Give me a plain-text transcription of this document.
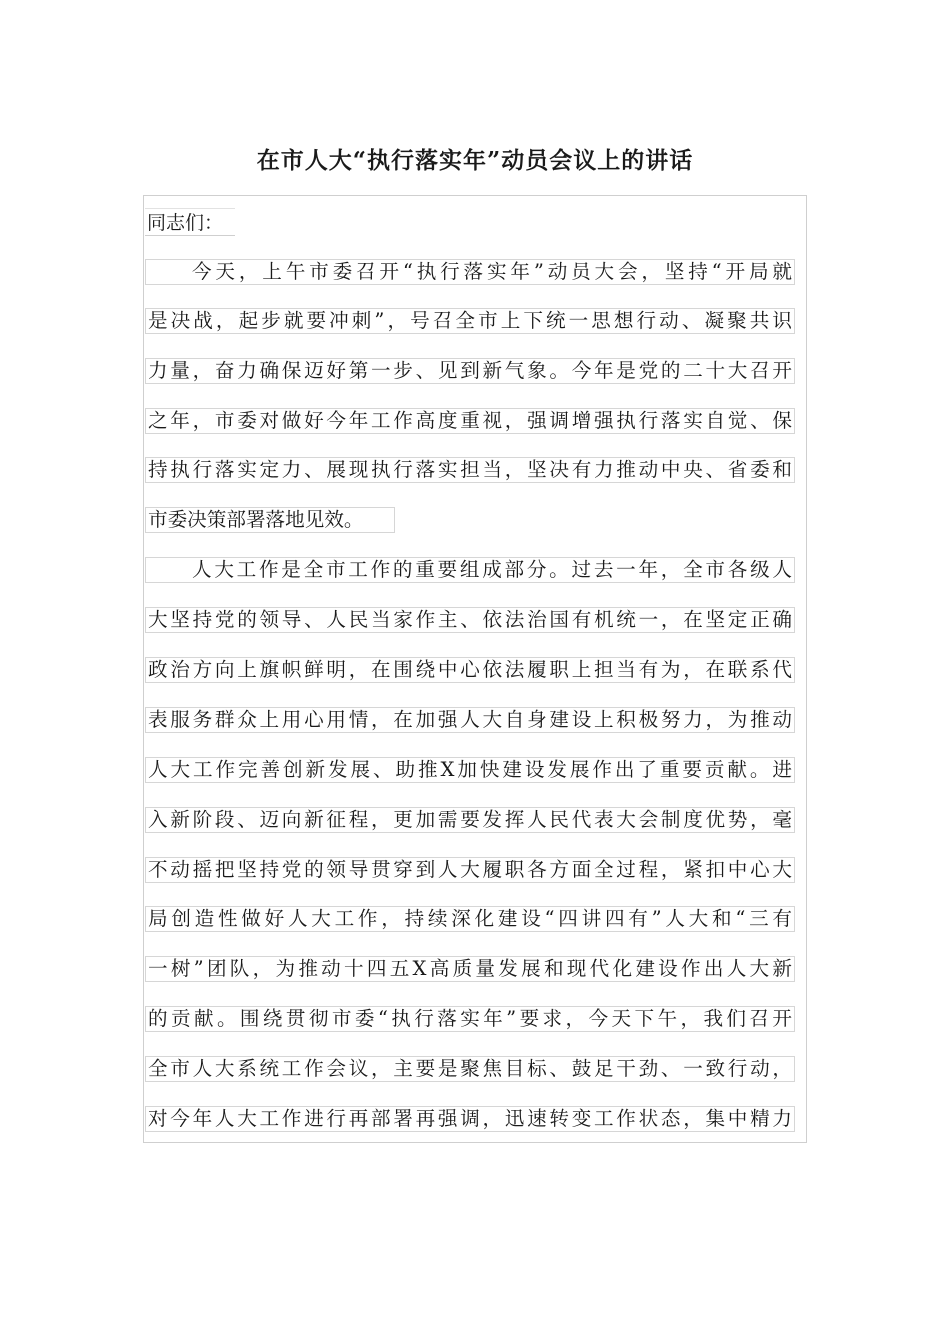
在市人大“执行落实年”动员会议上的讲话
同志们：
今天，上午市委召开“执行落实年”动员大会，坚持“开局就
是决战，起步就要冲刺”，号召全市上下统一思想行动、凝聚共识
力量，奋力确保迈好第一步、见到新气象。今年是党的二十大召开
之年，市委对做好今年工作高度重视，强调增强执行落实自觉、保
持执行落实定力、展现执行落实担当，坚决有力推动中央、省委和
市委决策部署落地见效。
人大工作是全市工作的重要组成部分。过去一年，全市各级人
大坚持党的领导、人民当家作主、依法治国有机统一，在坚定正确
政治方向上旗帜鲜明，在围绕中心依法履职上担当有为，在联系代
表服务群众上用心用情，在加强人大自身建设上积极努力，为推动
人大工作完善创新发展、助推X加快建设发展作出了重要贡献。进
入新阶段、迈向新征程，更加需要发挥人民代表大会制度优势，毫
不动摇把坚持党的领导贯穿到人大履职各方面全过程，紧扣中心大
局创造性做好人大工作，持续深化建设“四讲四有”人大和“三有
一树”团队，为推动十四五X高质量发展和现代化建设作出人大新
的贡献。围绕贯彻市委“执行落实年”要求，今天下午，我们召开
全市人大系统工作会议，主要是聚焦目标、鼓足干劲、一致行动，
对今年人大工作进行再部署再强调，迅速转变工作状态，集中精力
